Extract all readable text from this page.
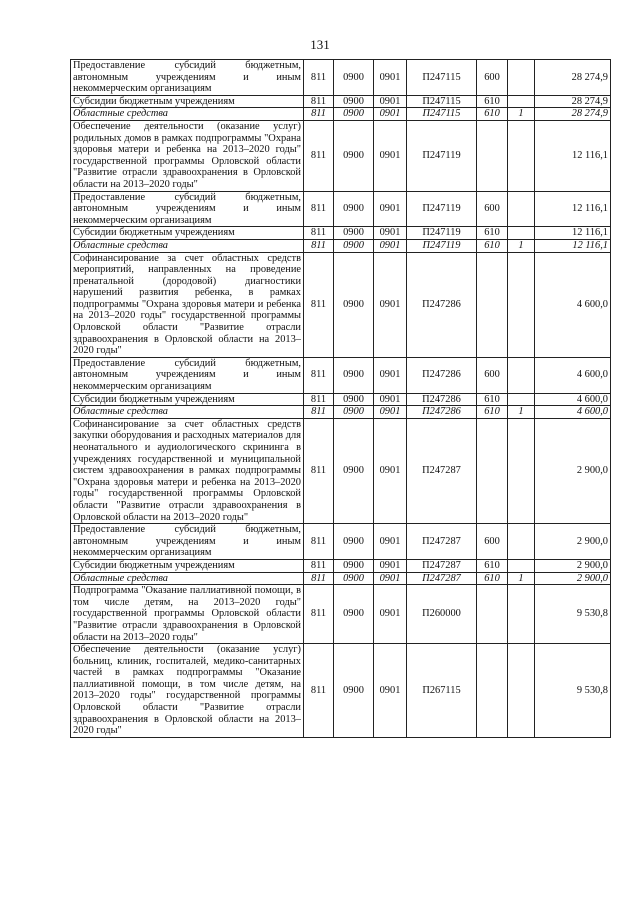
131
Предоставление субсидий бюджетным, автономным учреждениям и иным некоммерческим организациям	811	0900	0901	П247115	600		28 274,9
Субсидии бюджетным учреждениям	811	0900	0901	П247115	610		28 274,9
Областные средства	811	0900	0901	П247115	610	1	28 274,9
Обеспечение деятельности (оказание услуг) родильных домов в рамках подпрограммы "Охрана здоровья матери и ребенка на 2013–2020 годы" государственной программы Орловской области "Развитие отрасли здравоохранения в Орловской области на 2013–2020 годы"	811	0900	0901	П247119			12 116,1
Предоставление субсидий бюджетным, автономным учреждениям и иным некоммерческим организациям	811	0900	0901	П247119	600		12 116,1
Субсидии бюджетным учреждениям	811	0900	0901	П247119	610		12 116,1
Областные средства	811	0900	0901	П247119	610	1	12 116,1
Софинансирование за счет областных средств мероприятий, направленных на проведение пренатальной (дородовой) диагностики нарушений развития ребенка, в рамках подпрограммы "Охрана здоровья матери и ребенка на 2013–2020 годы" государственной программы Орловской области "Развитие отрасли здравоохранения в Орловской области на 2013–2020 годы"	811	0900	0901	П247286			4 600,0
Предоставление субсидий бюджетным, автономным учреждениям и иным некоммерческим организациям	811	0900	0901	П247286	600		4 600,0
Субсидии бюджетным учреждениям	811	0900	0901	П247286	610		4 600,0
Областные средства	811	0900	0901	П247286	610	1	4 600,0
Софинансирование за счет областных средств закупки оборудования и расходных материалов для неонатального и аудиологического скрининга в учреждениях государственной и муниципальной систем здравоохранения в рамках подпрограммы "Охрана здоровья матери и ребенка на 2013–2020 годы" государственной программы Орловской области "Развитие отрасли здравоохранения в Орловской области на 2013–2020 годы"	811	0900	0901	П247287			2 900,0
Предоставление субсидий бюджетным, автономным учреждениям и иным некоммерческим организациям	811	0900	0901	П247287	600		2 900,0
Субсидии бюджетным учреждениям	811	0900	0901	П247287	610		2 900,0
Областные средства	811	0900	0901	П247287	610	1	2 900,0
Подпрограмма "Оказание паллиативной помощи, в том числе детям, на 2013–2020 годы" государственной программы Орловской области "Развитие отрасли здравоохранения в Орловской области на 2013–2020 годы"	811	0900	0901	П260000			9 530,8
Обеспечение деятельности (оказание услуг) больниц, клиник, госпиталей, медико-санитарных частей в рамках подпрограммы "Оказание паллиативной помощи, в том числе детям, на 2013–2020 годы" государственной программы Орловской области "Развитие отрасли здравоохранения в Орловской области на 2013–2020 годы"	811	0900	0901	П267115			9 530,8
